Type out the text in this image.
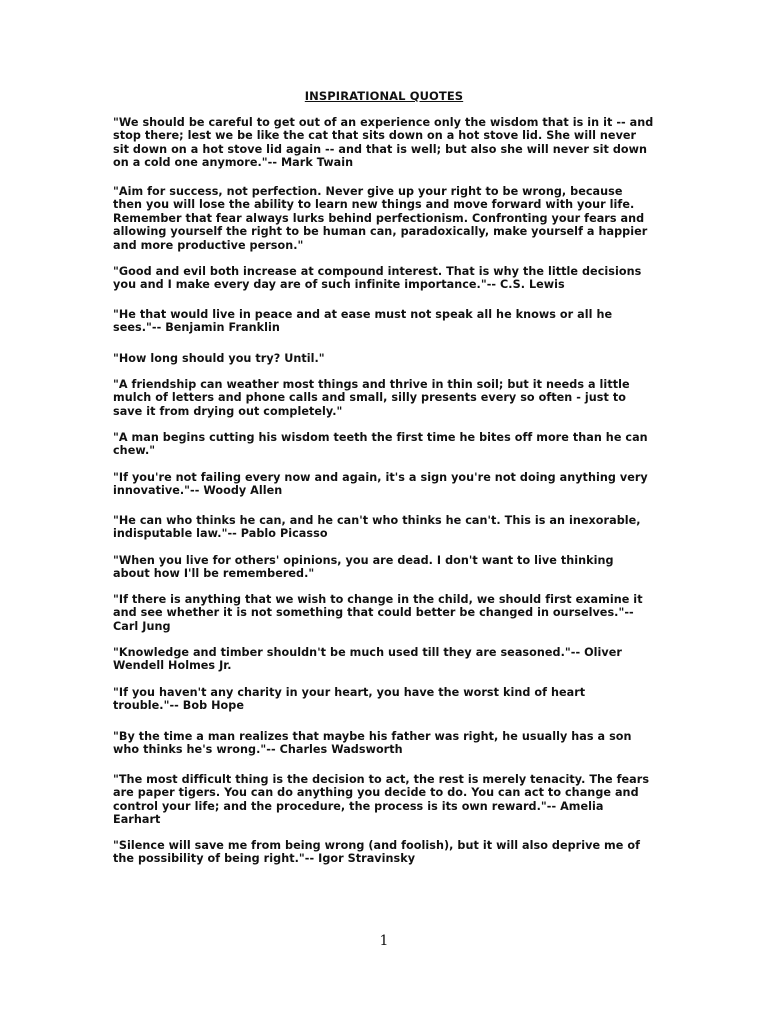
INSPIRATIONAL QUOTES

"We should be careful to get out of an experience only the wisdom that is in it -- and
stop there; lest we be like the cat that sits down on a hot stove lid. She will never
sit down on a hot stove lid again -- and that is well; but also she will never sit down
on a cold one anymore."-- Mark Twain

"Aim for success, not perfection. Never give up your right to be wrong, because
then you will lose the ability to learn new things and move forward with your life.
Remember that fear always lurks behind perfectionism. Confronting your fears and
allowing yourself the right to be human can, paradoxically, make yourself a happier
and more productive person."

"Good and evil both increase at compound interest. That is why the little decisions
you and I make every day are of such infinite importance."-- C.S. Lewis

"He that would live in peace and at ease must not speak all he knows or all he
sees."-- Benjamin Franklin

"How long should you try? Until."

"A friendship can weather most things and thrive in thin soil; but it needs a little
mulch of letters and phone calls and small, silly presents every so often - just to
save it from drying out completely."

"A man begins cutting his wisdom teeth the first time he bites off more than he can
chew."

"If you're not failing every now and again, it's a sign you're not doing anything very
innovative."-- Woody Allen

"He can who thinks he can, and he can't who thinks he can't. This is an inexorable,
indisputable law."-- Pablo Picasso

"When you live for others' opinions, you are dead. I don't want to live thinking
about how I'll be remembered."

"If there is anything that we wish to change in the child, we should first examine it
and see whether it is not something that could better be changed in ourselves."--
Carl Jung

"Knowledge and timber shouldn't be much used till they are seasoned."-- Oliver
Wendell Holmes Jr.

"If you haven't any charity in your heart, you have the worst kind of heart
trouble."-- Bob Hope

"By the time a man realizes that maybe his father was right, he usually has a son
who thinks he's wrong."-- Charles Wadsworth

"The most difficult thing is the decision to act, the rest is merely tenacity. The fears
are paper tigers. You can do anything you decide to do. You can act to change and
control your life; and the procedure, the process is its own reward."-- Amelia
Earhart

"Silence will save me from being wrong (and foolish), but it will also deprive me of
the possibility of being right."-- Igor Stravinsky

1
